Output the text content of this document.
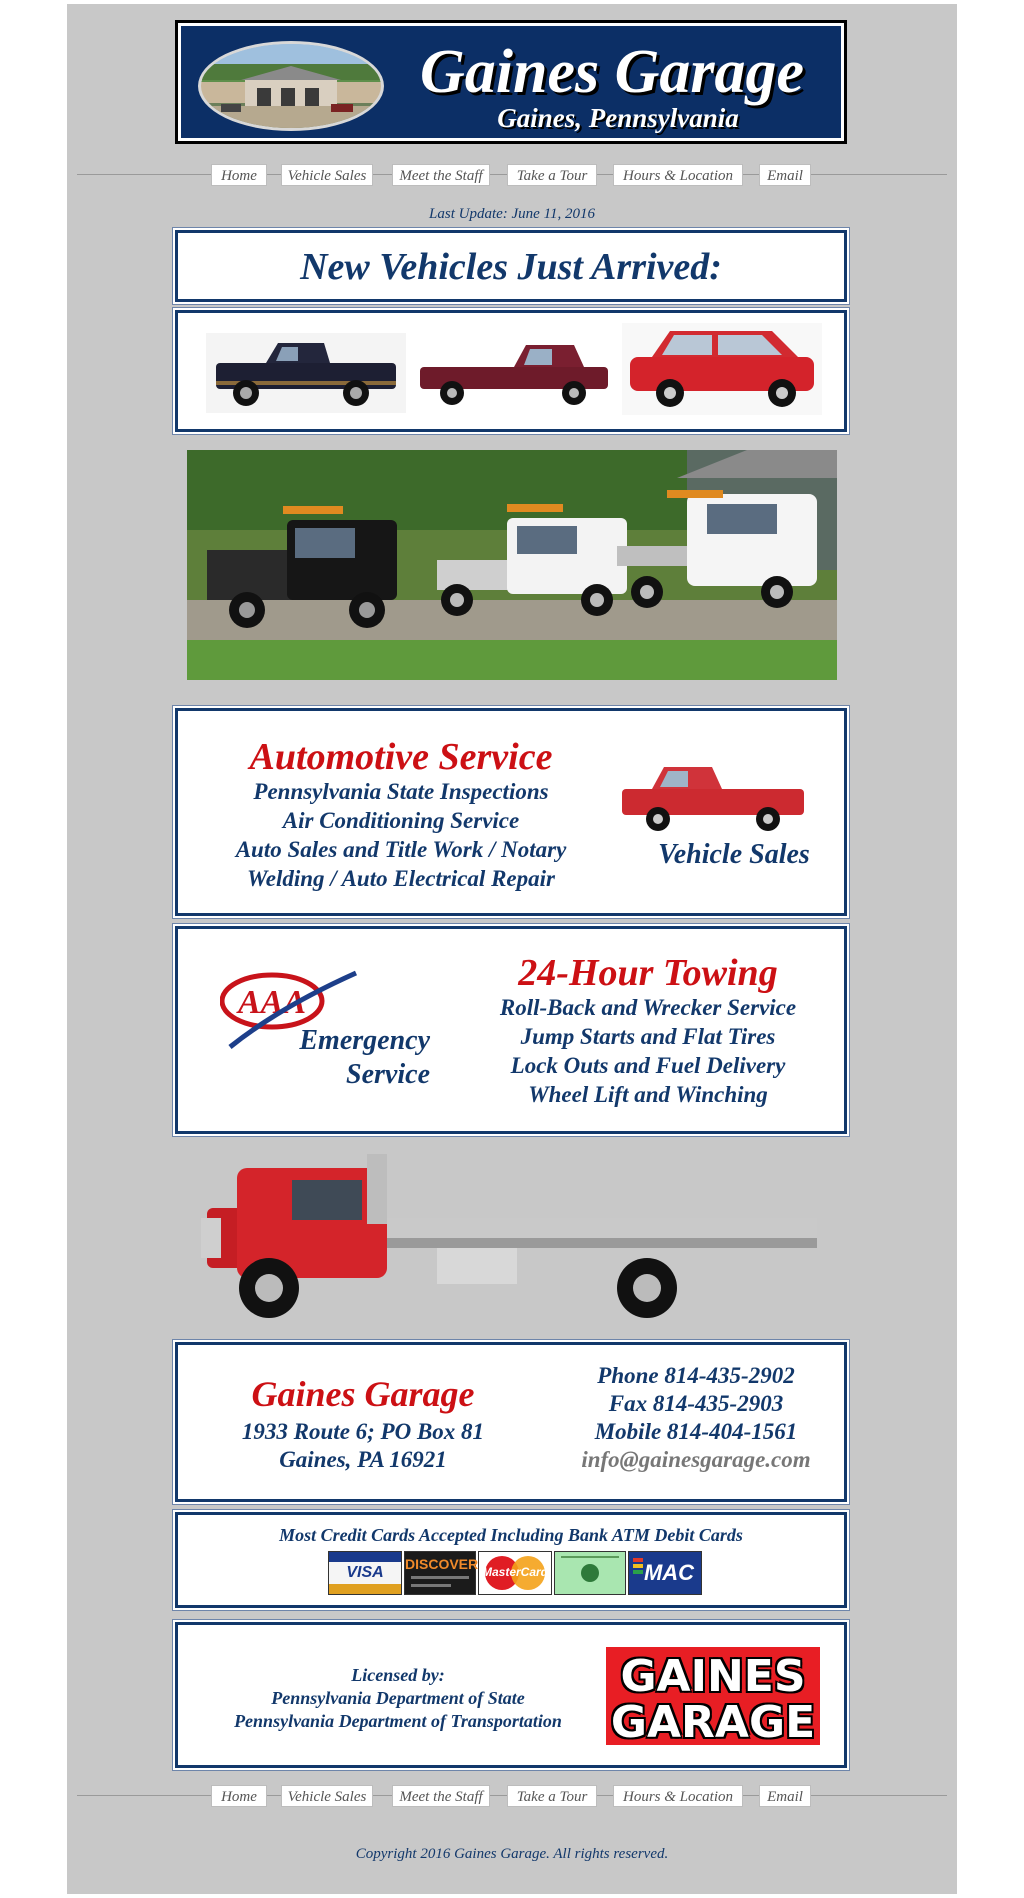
Gaines Garage
Gaines, Pennsylvania
Home	Vehicle Sales	Meet the Staff	Take a Tour	Hours & Location	Email
Last Update: June 11, 2016
New Vehicles Just Arrived:
Automotive Service
Pennsylvania State Inspections
Air Conditioning Service
Auto Sales and Title Work / Notary
Welding / Auto Electrical Repair
Vehicle Sales
AAA
Emergency
Service
24-Hour Towing
Roll-Back and Wrecker Service
Jump Starts and Flat Tires
Lock Outs and Fuel Delivery
Wheel Lift and Winching
Gaines Garage
1933 Route 6; PO Box 81
Gaines, PA 16921
Phone 814-435-2902
Fax 814-435-2903
Mobile 814-404-1561
info@gainesgarage.com
Most Credit Cards Accepted Including Bank ATM Debit Cards
VISA	DISCOVER MasterCard	MAC
Licensed by:
Pennsylvania Department of State
Pennsylvania Department of Transportation
GAINES
GARAGE
Home	Vehicle Sales	Meet the Staff	Take a Tour	Hours & Location	Email
Copyright 2016 Gaines Garage. All rights reserved.
